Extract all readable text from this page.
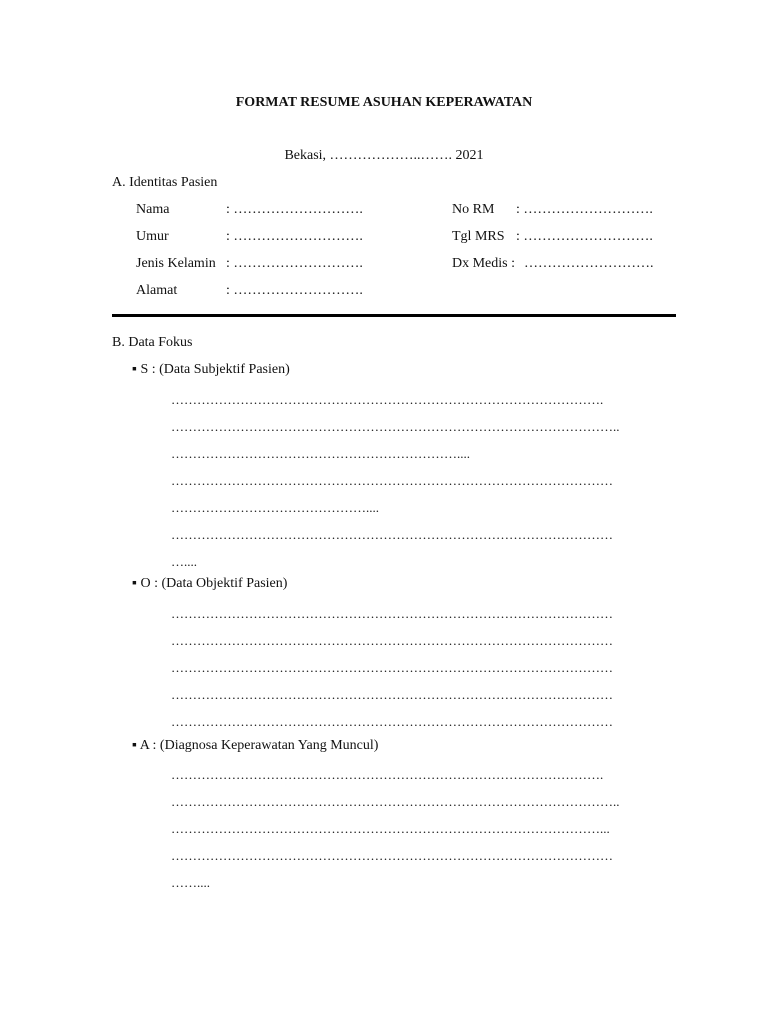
FORMAT RESUME ASUHAN KEPERAWATAN
Bekasi, ………………..……. 2021
A. Identitas Pasien
Nama	: ……………………….
Umur	: ……………………….
Jenis Kelamin : ……………………….
Alamat	: ……………………….
No RM : ……………………….
Tgl MRS : ……………………….
Dx Medis : ……………………….
B. Data Fokus
▪ S : (Data Subjektif Pasien)
……………………………………………………………………………………….
…………………………………………………………………………………………..
…………………………………………………………....
…………………………………………………………………………………………
………………………………………....
…………………………………………………………………………………………
…....
▪ O : (Data Objektif Pasien)
…………………………………………………………………………………………
…………………………………………………………………………………………
…………………………………………………………………………………………
…………………………………………………………………………………………
…………………………………………………………………………………………
▪ A : (Diagnosa Keperawatan Yang Muncul)
……………………………………………………………………………………….
…………………………………………………………………………………………..
………………………………………………………………………………………...
…………………………………………………………………………………………
……....
